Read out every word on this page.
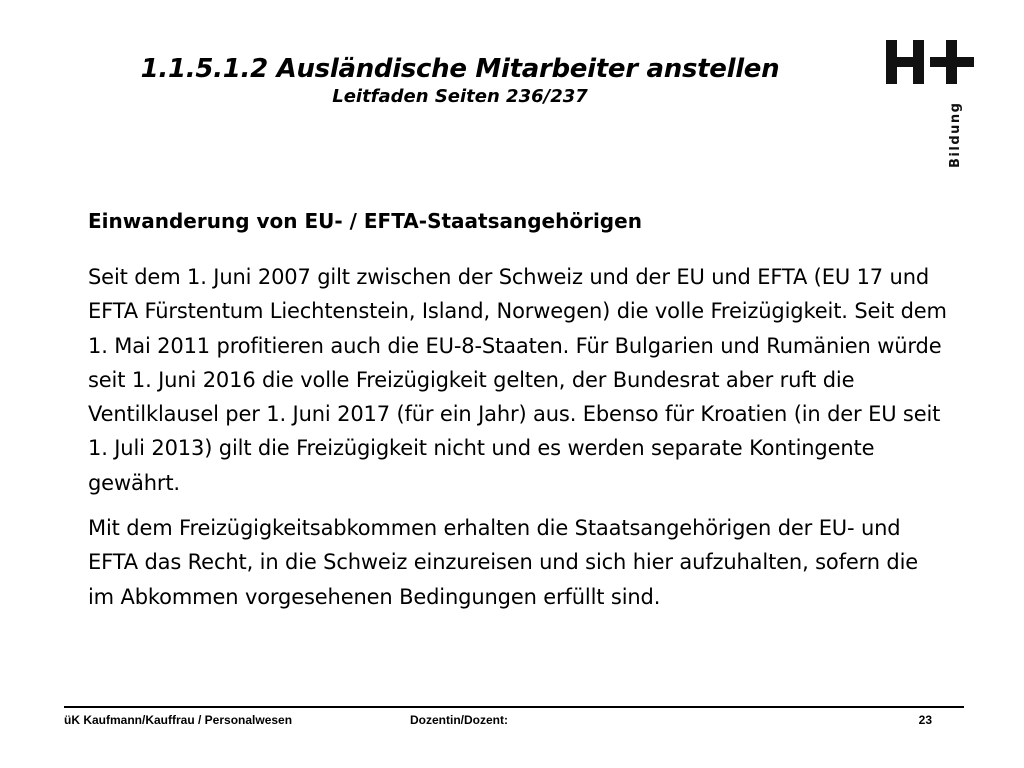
1.1.5.1.2 Ausländische Mitarbeiter anstellen
Leitfaden Seiten 236/237
Bildung
Einwanderung von EU- / EFTA-Staatsangehörigen

Seit dem 1. Juni 2007 gilt zwischen der Schweiz und der EU und EFTA (EU 17 und EFTA Fürstentum Liechtenstein, Island, Norwegen) die volle Freizügigkeit. Seit dem 1. Mai 2011 profitieren auch die EU-8-Staaten. Für Bulgarien und Rumänien würde seit 1. Juni 2016 die volle Freizügigkeit gelten, der Bundesrat aber ruft die Ventilklausel per 1. Juni 2017 (für ein Jahr) aus. Ebenso für Kroatien (in der EU seit 1. Juli 2013) gilt die Freizügigkeit nicht und es werden separate Kontingente gewährt.

Mit dem Freizügigkeitsabkommen erhalten die Staatsangehörigen der EU- und EFTA das Recht, in die Schweiz einzureisen und sich hier aufzuhalten, sofern die im Abkommen vorgesehenen Bedingungen erfüllt sind.

üK Kaufmann/Kauffrau / Personalwesen	Dozentin/Dozent:	23
